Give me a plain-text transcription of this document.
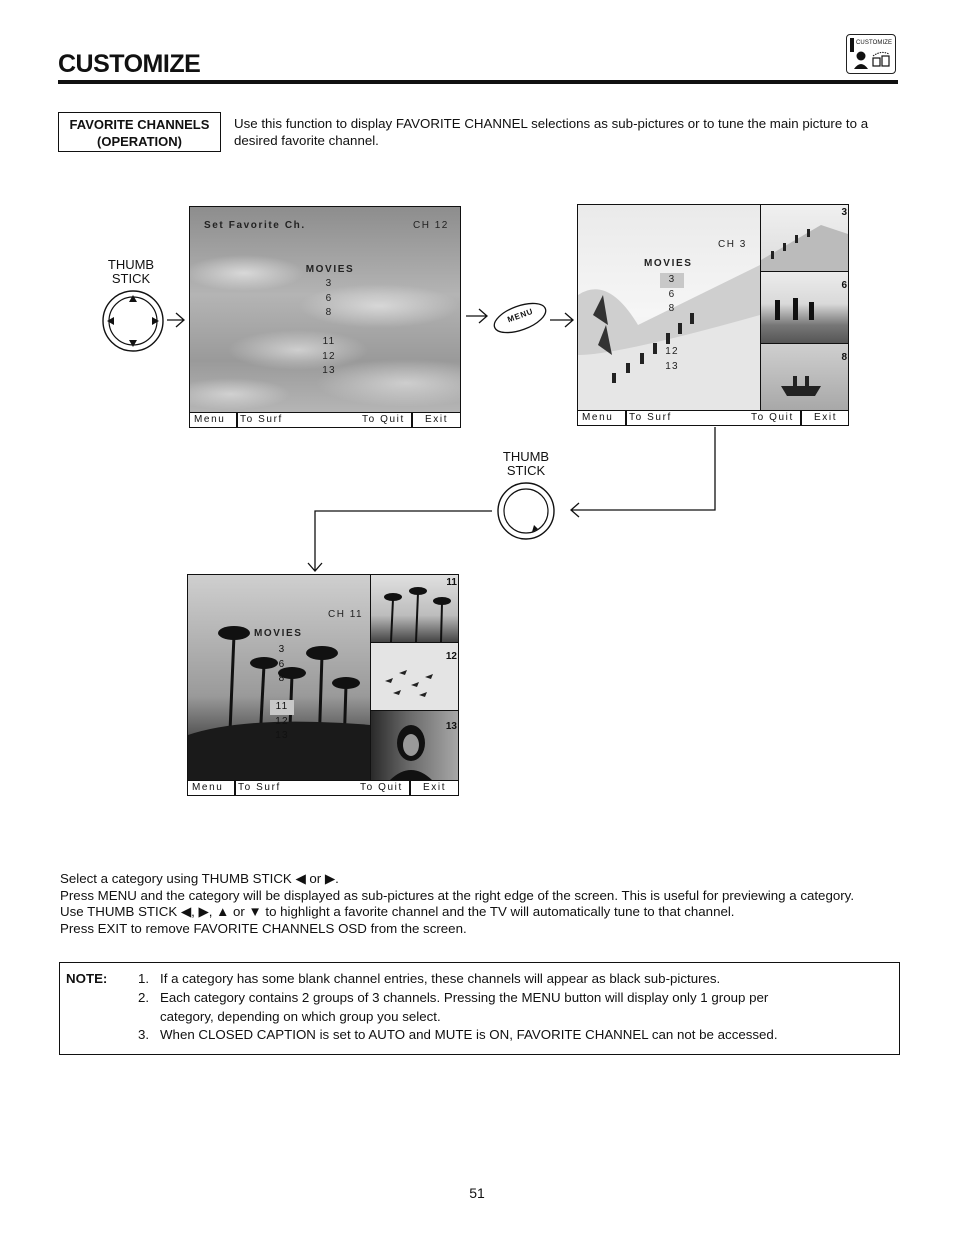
CUSTOMIZE
CUSTOMIZE
FAVORITE CHANNELS
(OPERATION)
Use this function to display FAVORITE CHANNEL selections as sub-pictures or to tune the main picture to a desired favorite channel.
THUMB
STICK
THUMB
STICK
MENU
Set Favorite Ch.	CH 12
MOVIES
3
6
8
11
12
13
Menu To Surf	To Quit Exit
CH 3
MOVIES
3
6
8
12
13
3
6
8
Menu To Surf	To Quit Exit
CH 11
MOVIES
3
6
8
11
12
13
11
12
13
Menu To Surf	To Quit Exit
Select a category using THUMB STICK ◀ or ▶.
Press MENU and the category will be displayed as sub-pictures at the right edge of the screen. This is useful for previewing a category.
Use THUMB STICK ◀, ▶, ▲ or ▼ to highlight a favorite channel and the TV will automatically tune to that channel.
Press EXIT to remove FAVORITE CHANNELS OSD from the screen.
NOTE: 1. If a category has some blank channel entries, these channels will appear as black sub-pictures.
2. Each category contains 2 groups of 3 channels. Pressing the MENU button will display only 1 group per
category, depending on which group you select.
3. When CLOSED CAPTION is set to AUTO and MUTE is ON, FAVORITE CHANNEL can not be accessed.
51
